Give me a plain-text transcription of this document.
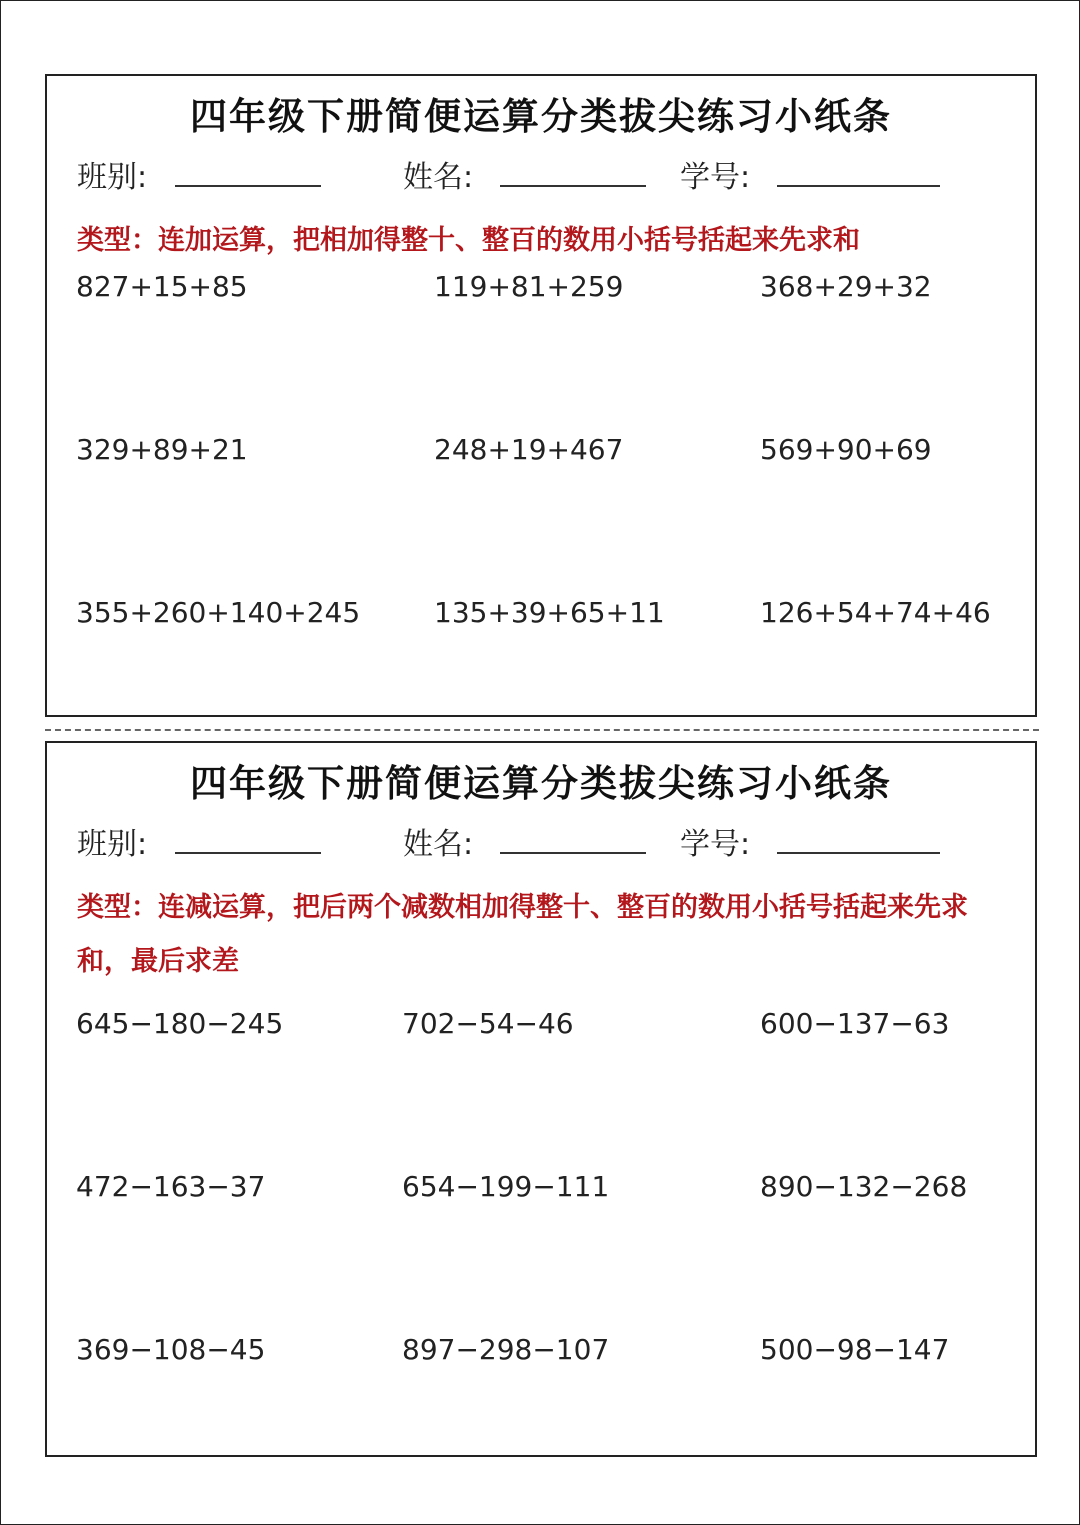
四年级下册简便运算分类拔尖练习小纸条
班别:	姓名:	学号:
类型：连加运算，把相加得整十、整百的数用小括号括起来先求和
827+15+85	119+81+259	368+29+32
329+89+21	248+19+467	569+90+69
355+260+140+245	135+39+65+11	126+54+74+46
四年级下册简便运算分类拔尖练习小纸条
班别:	姓名:	学号:
类型：连减运算，把后两个减数相加得整十、整百的数用小括号括起来先求和，最后求差
645−180−245	702−54−46	600−137−63
472−163−37	654−199−111	890−132−268
369−108−45	897−298−107	500−98−147
